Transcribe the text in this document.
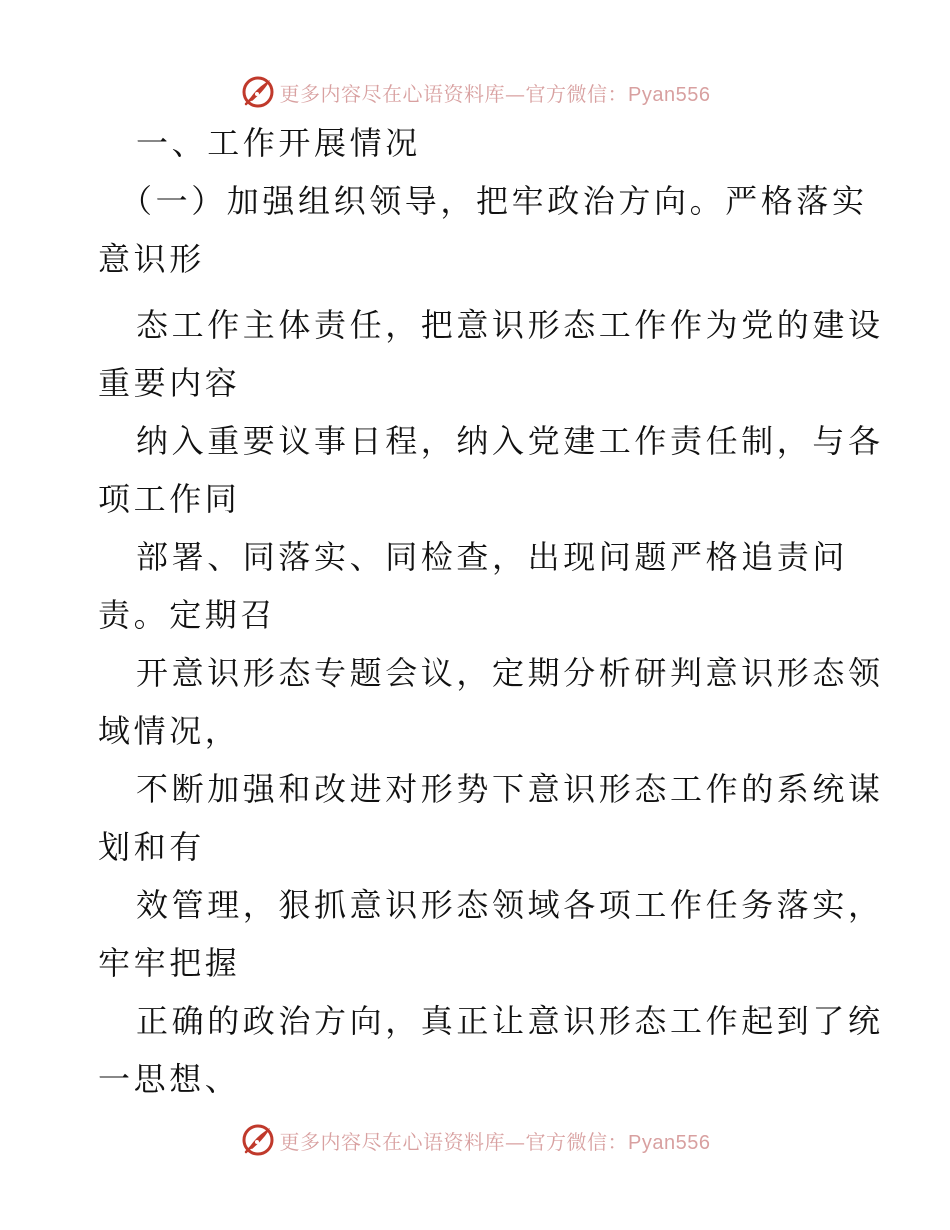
更多内容尽在心语资料库—官方微信：Pyan556
一、工作开展情况
（一）加强组织领导，把牢政治方向。严格落实
意识形
态工作主体责任，把意识形态工作作为党的建设
重要内容
纳入重要议事日程，纳入党建工作责任制，与各
项工作同
部署、同落实、同检查，出现问题严格追责问
责。定期召
开意识形态专题会议，定期分析研判意识形态领
域情况，
不断加强和改进对形势下意识形态工作的系统谋
划和有
效管理，狠抓意识形态领域各项工作任务落实，
牢牢把握
正确的政治方向，真正让意识形态工作起到了统
一思想、
更多内容尽在心语资料库—官方微信：Pyan556
